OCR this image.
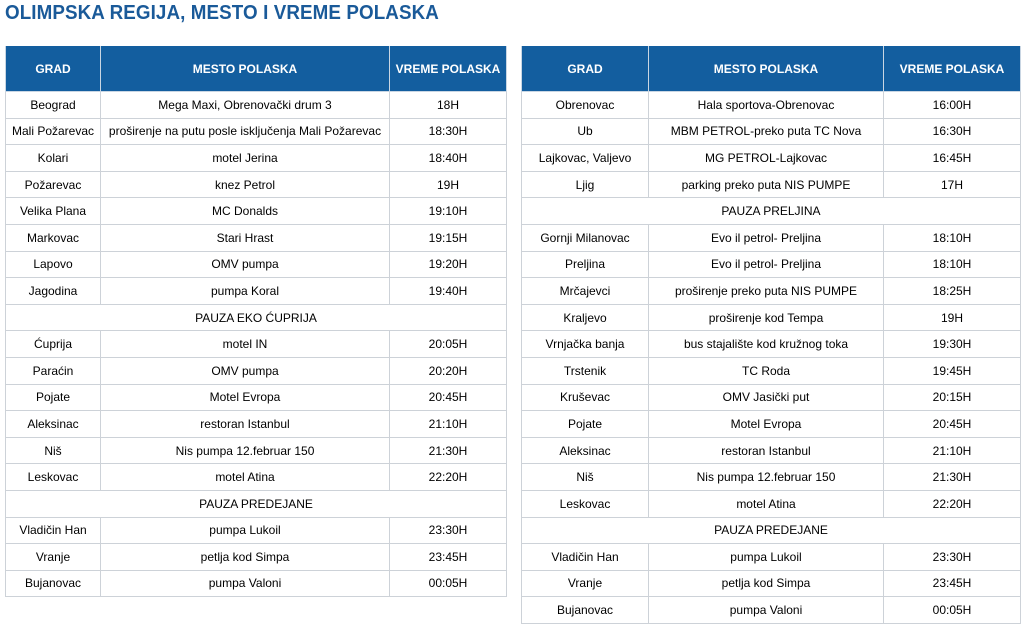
OLIMPSKA REGIJA, MESTO I VREME POLASKA
GRAD	MESTO POLASKA	VREME POLASKA
Beograd	Mega Maxi, Obrenovački drum 3	18H
Mali Požarevac	proširenje na putu posle isključenja Mali Požarevac	18:30H
Kolari	motel Jerina	18:40H
Požarevac	knez Petrol	19H
Velika Plana	MC Donalds	19:10H
Markovac	Stari Hrast	19:15H
Lapovo	OMV pumpa	19:20H
Jagodina	pumpa Koral	19:40H
PAUZA EKO ĆUPRIJA		
Ćuprija	motel IN	20:05H
Paraćin	OMV pumpa	20:20H
Pojate	Motel Evropa	20:45H
Aleksinac	restoran Istanbul	21:10H
Niš	Nis pumpa 12.februar 150	21:30H
Leskovac	motel Atina	22:20H
PAUZA PREDEJANE		
Vladičin Han	pumpa Lukoil	23:30H
Vranje	petlja kod Simpa	23:45H
Bujanovac	pumpa Valoni	00:05H
GRAD	MESTO POLASKA	VREME POLASKA
Obrenovac	Hala sportova-Obrenovac	16:00H
Ub	MBM PETROL-preko puta TC Nova	16:30H
Lajkovac, Valjevo	MG PETROL-Lajkovac	16:45H
Ljig	parking preko puta NIS PUMPE	17H
PAUZA PRELJINA		
Gornji Milanovac	Evo il petrol- Preljina	18:10H
Preljina	Evo il petrol- Preljina	18:10H
Mrčajevci	proširenje preko puta NIS PUMPE	18:25H
Kraljevo	proširenje kod Tempa	19H
Vrnjačka banja	bus stajalište kod kružnog toka	19:30H
Trstenik	TC Roda	19:45H
Kruševac	OMV Jasički put	20:15H
Pojate	Motel Evropa	20:45H
Aleksinac	restoran Istanbul	21:10H
Niš	Nis pumpa 12.februar 150	21:30H
Leskovac	motel Atina	22:20H
PAUZA PREDEJANE		
Vladičin Han	pumpa Lukoil	23:30H
Vranje	petlja kod Simpa	23:45H
Bujanovac	pumpa Valoni	00:05H
